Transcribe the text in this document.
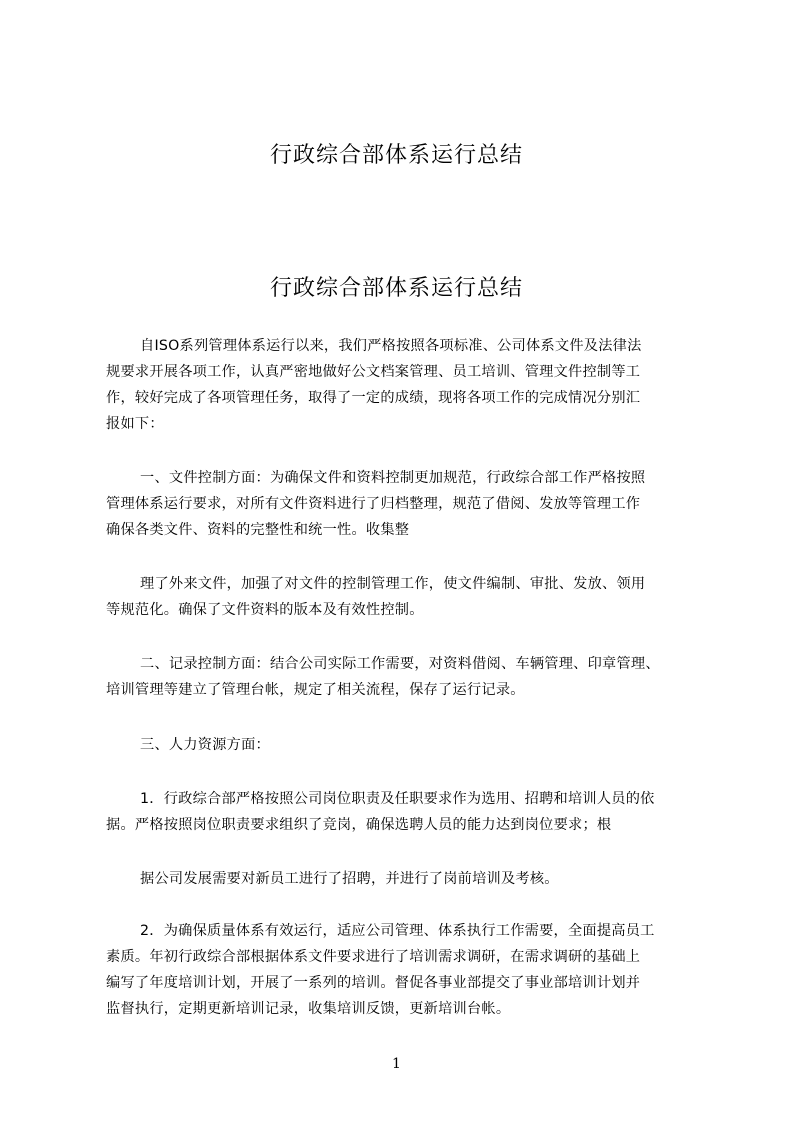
行政综合部体系运行总结
行政综合部体系运行总结
自ISO系列管理体系运行以来，我们严格按照各项标准、公司体系文件及法律法
规要求开展各项工作，认真严密地做好公文档案管理、员工培训、管理文件控制等工
作，较好完成了各项管理任务，取得了一定的成绩，现将各项工作的完成情况分别汇
报如下：
一、文件控制方面：为确保文件和资料控制更加规范，行政综合部工作严格按照
管理体系运行要求，对所有文件资料进行了归档整理，规范了借阅、发放等管理工作
确保各类文件、资料的完整性和统一性。收集整
理了外来文件，加强了对文件的控制管理工作，使文件编制、审批、发放、领用
等规范化。确保了文件资料的版本及有效性控制。
二、记录控制方面：结合公司实际工作需要，对资料借阅、车辆管理、印章管理、
培训管理等建立了管理台帐，规定了相关流程，保存了运行记录。
三、人力资源方面：
1．行政综合部严格按照公司岗位职责及任职要求作为选用、招聘和培训人员的依
据。严格按照岗位职责要求组织了竞岗，确保选聘人员的能力达到岗位要求；根
据公司发展需要对新员工进行了招聘，并进行了岗前培训及考核。
2．为确保质量体系有效运行，适应公司管理、体系执行工作需要，全面提高员工
素质。年初行政综合部根据体系文件要求进行了培训需求调研，在需求调研的基础上
编写了年度培训计划，开展了一系列的培训。督促各事业部提交了事业部培训计划并
监督执行，定期更新培训记录，收集培训反馈，更新培训台帐。
1
